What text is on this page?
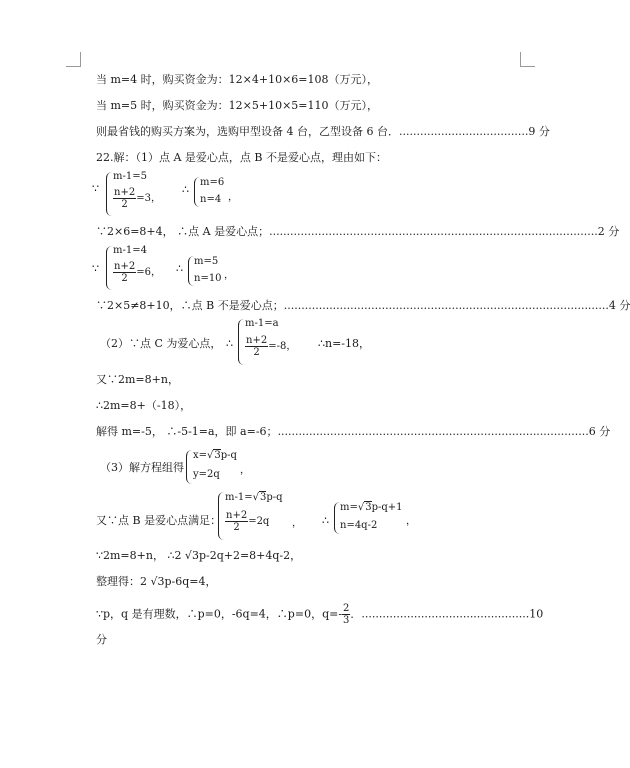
当 m=4 时，购买资金为：12×4+10×6=108（万元），
当 m=5 时，购买资金为：12×5+10×5=110（万元），
则最省钱的购买方案为，选购甲型设备 4 台，乙型设备 6 台．.....................................9 分
22.解：（1）点 A 是爱心点，点 B 不是爱心点，理由如下：
∵
m-1=5
$\frac{n+2}{2} =3$，
∴
m=6
n=4 ，
∵2×6=8+4， ∴点 A 是爱心点；..............................................................................................2 分
∵
m-1=4
$\frac{n+2}{2} =6$， ∴
m=5
n=10 ，
∵2×5≠8+10，∴点 B 不是爱心点；.............................................................................................4 分
（2）∵点 C 为爱心点， ∴
m-1=a
$\frac{n+2}{2} =-8$， ∴n=-18，
又∵2m=8+n，
∴2m=8+（-18），
解得 m=-5， ∴-5-1=a，即 a=-6；.........................................................................................6 分
（3）解方程组得
x=√3p-q
y=2q ，
又∵点 B 是爱心点满足：
m-1=√3p-q
$\frac{n+2}{2} =2q$ ， ∴
m=√3p-q+1
n=4q-2	，
∵2m=8+n， ∴2 √3p-2q+2=8+4q-2，
整理得：2 √3p-6q=4，
∵p，q 是有理数，∴p=0，-6q=4，∴p=0，$q=- \frac{2}{3}$ ．................................................10
分
